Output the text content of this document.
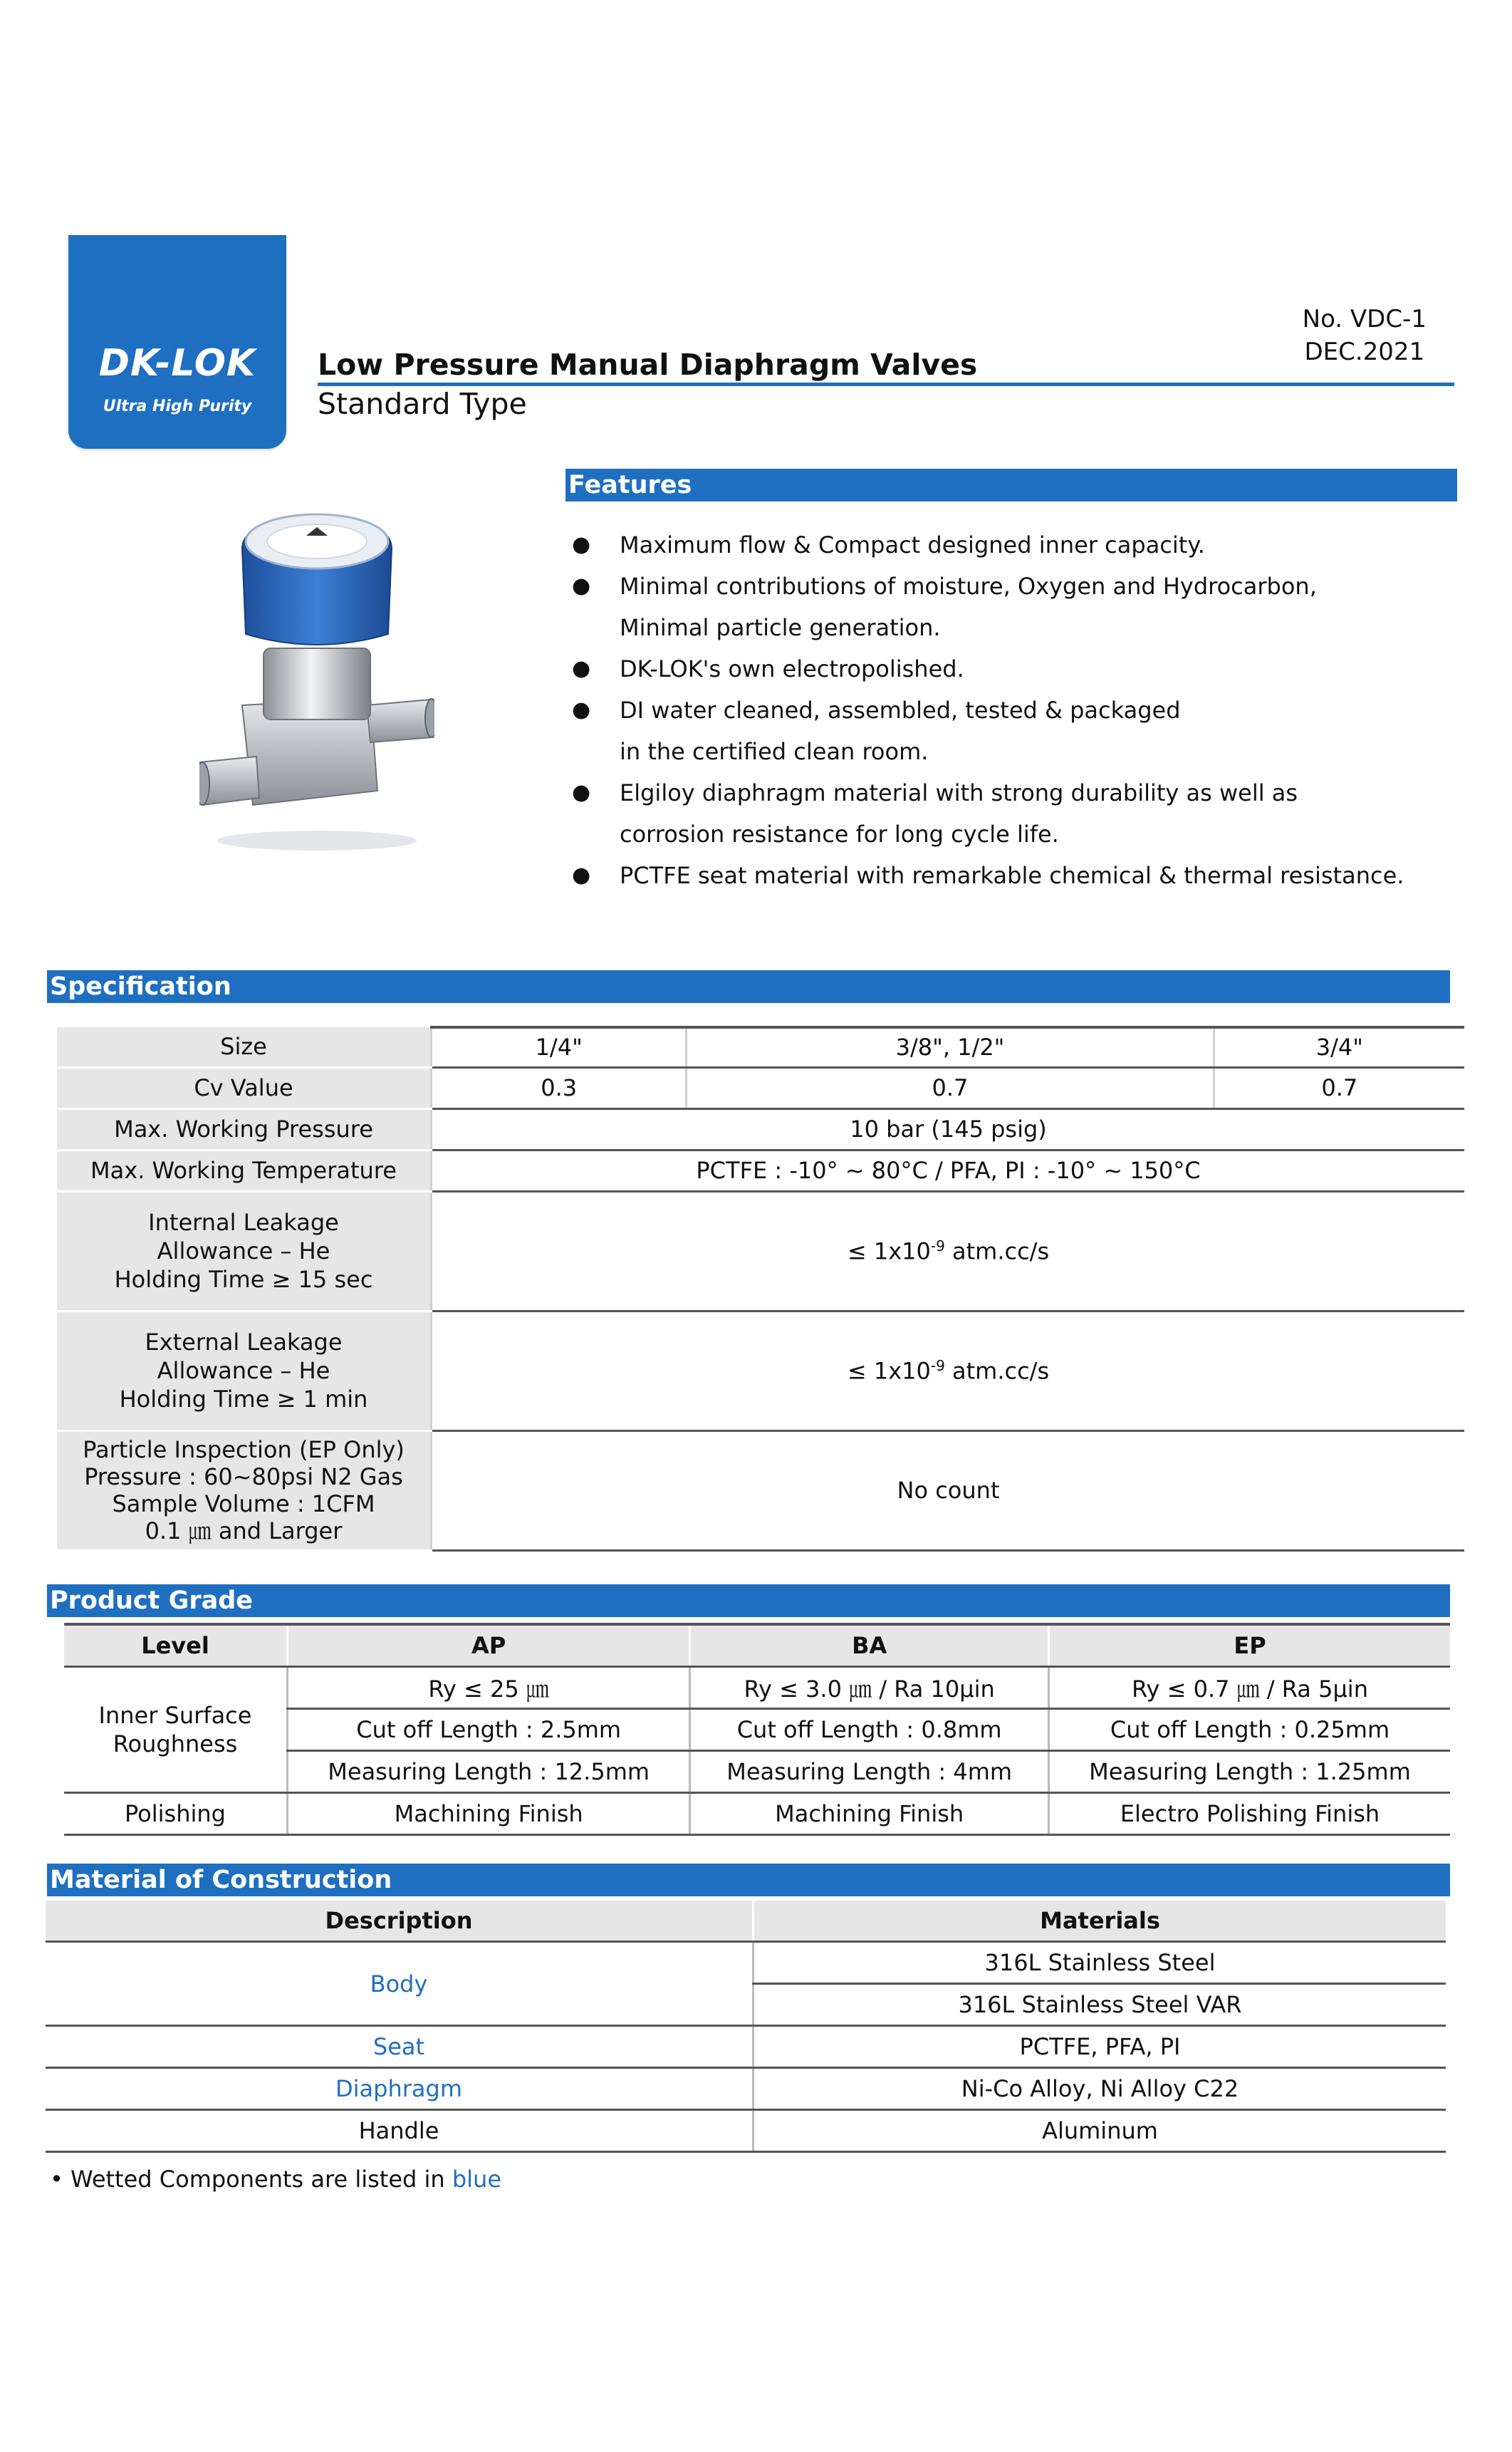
DK-LOK
Ultra High Purity
No. VDC-1
DEC.2021
Low Pressure Manual Diaphragm Valves
Standard Type
Features
● Maximum flow & Compact designed inner capacity.
● Minimal contributions of moisture, Oxygen and Hydrocarbon,
Minimal particle generation.
● DK-LOK's own electropolished.
● DI water cleaned, assembled, tested & packaged
in the certified clean room.
● Elgiloy diaphragm material with strong durability as well as
corrosion resistance for long cycle life.
● PCTFE seat material with remarkable chemical & thermal resistance.
Specification
Size	1/4"	3/8", 1/2"	3/4"
Cv Value	0.3	0.7	0.7
Max. Working Pressure	10 bar (145 psig)		
Max. Working Temperature	PCTFE : -10° ~ 80°C / PFA, PI : -10° ~ 150°C		

Internal Leakage
Allowance – He
Holding Time ≥ 15 sec	≤ $1x10^{-9}$ atm.cc/s		

External Leakage
Allowance – He
Holding Time ≥ 1 min	≤ $1x10^{-9}$ atm.cc/s		

Particle Inspection (EP Only)
Pressure : 60~80psi N2 Gas
Sample Volume : 1CFM
0.1 ㎛ and Larger	No count		
Product Grade
Level	AP	BA	EP

Inner Surface
Roughness	Ry ≤ 25 ㎛	Ry ≤ 3.0 ㎛ / Ra 10µin	Ry ≤ 0.7 ㎛ / Ra 5µin
	Cut off Length : 2.5mm	Cut off Length : 0.8mm	Cut off Length : 0.25mm
	Measuring Length : 12.5mm	Measuring Length : 4mm	Measuring Length : 1.25mm
Polishing	Machining Finish	Machining Finish	Electro Polishing Finish
Material of Construction
Description	Materials
Body	316L Stainless Steel
	316L Stainless Steel VAR
Seat	PCTFE, PFA, PI
Diaphragm	Ni-Co Alloy, Ni Alloy C22
Handle	Aluminum
• Wetted Components are listed in blue
